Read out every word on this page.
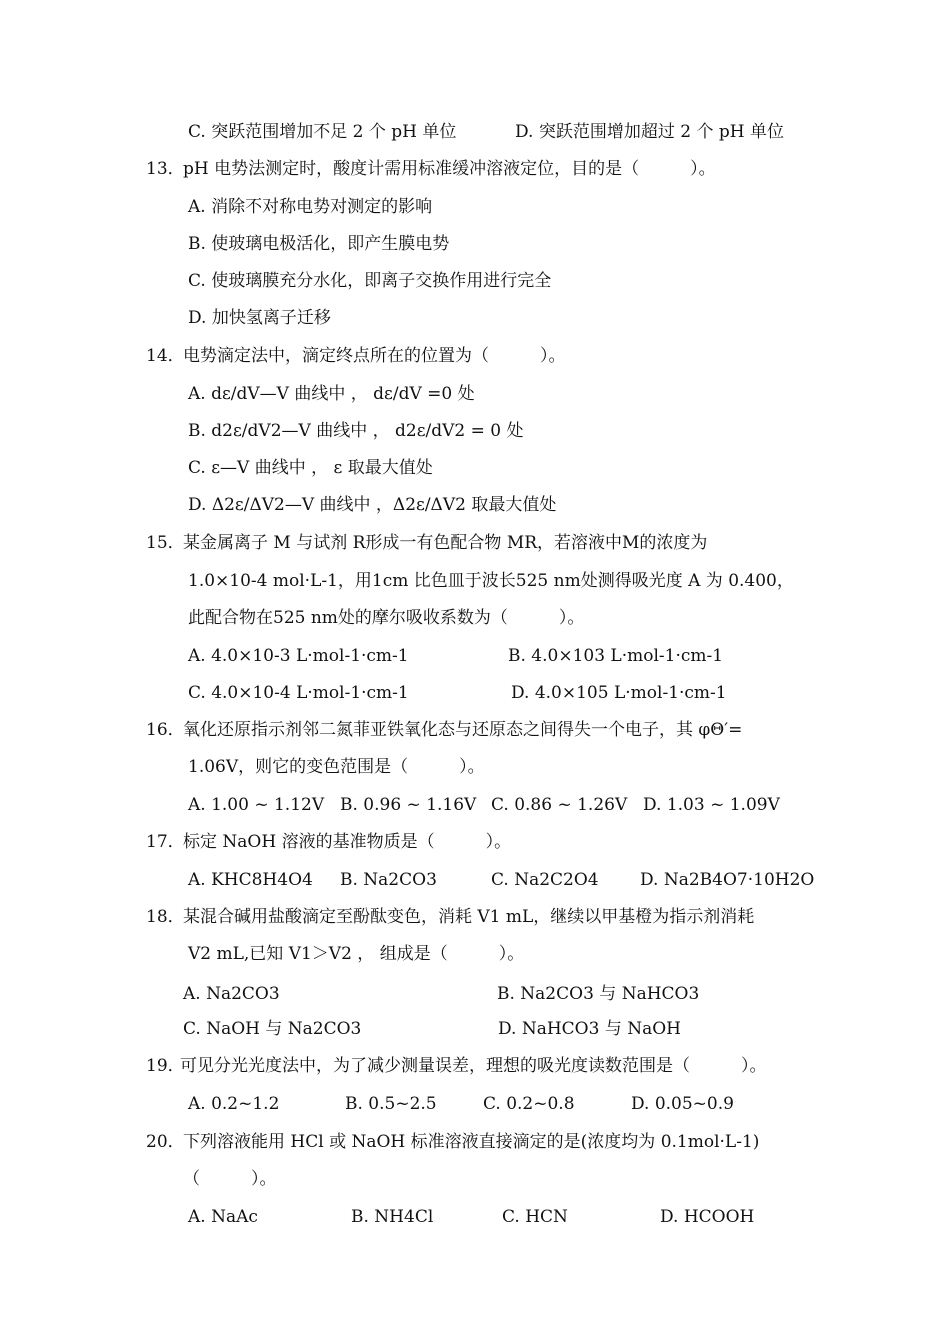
C. 突跃范围增加不足 2 个 pH 单位	D. 突跃范围增加超过 2 个 pH 单位
13．
pH 电势法测定时，酸度计需用标准缓冲溶液定位，目的是（　　　）。
A. 消除不对称电势对测定的影响
B. 使玻璃电极活化，即产生膜电势
C. 使玻璃膜充分水化，即离子交换作用进行完全
D. 加快氢离子迁移
14．
电势滴定法中，滴定终点所在的位置为（　　　）。
A. dε/dV—V 曲线中 ， dε/dV =0 处
B. d2ε/dV2—V 曲线中 ， d2ε/dV2 = 0 处
C. ε—V 曲线中 ， ε 取最大值处
D. Δ2ε/ΔV2—V 曲线中 ，Δ2ε/ΔV2 取最大值处
15．
某金属离子 M 与试剂 R形成一有色配合物 MR，若溶液中M的浓度为
1.0×10-4 mol·L-1，用1cm 比色皿于波长525 nm处测得吸光度 A 为 0.400，
此配合物在525 nm处的摩尔吸收系数为（　　　）。
A. 4.0×10-3 L·mol-1·cm-1	B. 4.0×103 L·mol-1·cm-1
C. 4.0×10-4 L·mol-1·cm-1	D. 4.0×105 L·mol-1·cm-1
16．
氧化还原指示剂邻二氮菲亚铁氧化态与还原态之间得失一个电子，其 φΘ′=
1.06V，则它的变色范围是（　　　）。
A. 1.00 ~ 1.12V B. 0.96 ~ 1.16V C. 0.86 ~ 1.26V D. 1.03 ~ 1.09V
17．
标定 NaOH 溶液的基准物质是（　　　）。
A. KHC8H4O4 B. Na2CO3	C. Na2C2O4 D. Na2B4O7·10H2O
18．
某混合碱用盐酸滴定至酚酞变色，消耗 V1 mL，继续以甲基橙为指示剂消耗
V2 mL,已知 V1＞V2 ， 组成是（　　　）。
A. Na2CO3	B. Na2CO3 与 NaHCO3
C. NaOH 与 Na2CO3	D. NaHCO3 与 NaOH
19．
可见分光光度法中，为了减少测量误差，理想的吸光度读数范围是（　　　）。
A. 0.2~1.2	B. 0.5~2.5	C. 0.2~0.8	D. 0.05~0.9
20．
下列溶液能用 HCl 或 NaOH 标准溶液直接滴定的是(浓度均为 0.1mol·L-1)
（　　　）。
A. NaAc	B. NH4Cl	C. HCN	D. HCOOH
